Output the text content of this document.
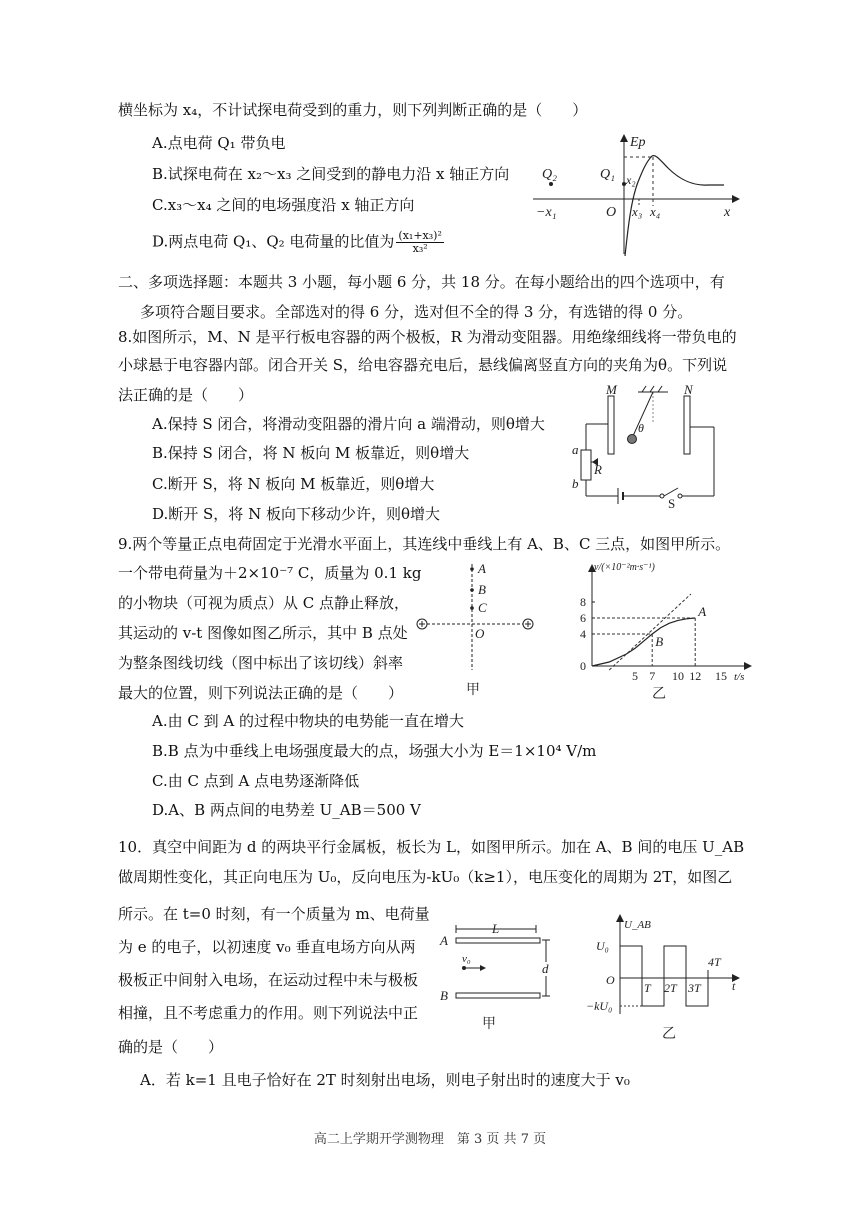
横坐标为 x₄，不计试探电荷受到的重力，则下列判断正确的是（　　）
A.点电荷 Q₁ 带负电
B.试探电荷在 x₂～x₃ 之间受到的静电力沿 x 轴正方向
C.x₃～x₄ 之间的电场强度沿 x 轴正方向
D.两点电荷 Q₁、Q₂ 电荷量的比值为 $\frac{\text{(x₁+x₃)²}}{\text{x₃²}}$
Ep
x
Q₂	Q₁
O
−x₁
x₂
x₃ x₄
二、多项选择题：本题共 3 小题，每小题 6 分，共 18 分。在每小题给出的四个选项中，有
多项符合题目要求。全部选对的得 6 分，选对但不全的得 3 分，有选错的得 0 分。
8.如图所示，M、N 是平行板电容器的两个极板，R 为滑动变阻器。用绝缘细线将一带负电的
小球悬于电容器内部。闭合开关 S，给电容器充电后，悬线偏离竖直方向的夹角为θ。下列说
法正确的是（　　）
A.保持 S 闭合，将滑动变阻器的滑片向 a 端滑动，则θ增大
B.保持 S 闭合，将 N 板向 M 板靠近，则θ增大
C.断开 S，将 N 板向 M 板靠近，则θ增大
D.断开 S，将 N 板向下移动少许，则θ增大
M	N
θ
a
b
R
S
9.两个等量正点电荷固定于光滑水平面上，其连线中垂线上有 A、B、C 三点，如图甲所示。
一个带电荷量为＋2×10⁻⁷ C，质量为 0.1 kg
的小物块（可视为质点）从 C 点静止释放，
其运动的 v-t 图像如图乙所示，其中 B 点处
为整条图线切线（图中标出了该切线）斜率
最大的位置，则下列说法正确的是（　　）
A.由 C 到 A 的过程中物块的电势能一直在增大
B.B 点为中垂线上电场强度最大的点，场强大小为 E＝1×10⁴ V/m
C.由 C 点到 A 点电势逐渐降低
D.A、B 两点间的电势差 U_AB＝500 V
A
B
C
O
甲
A
B
5 7 10 12 15
4
6
8
0
v/(×10⁻²m·s⁻¹)
t/s
乙
10．真空中间距为 d 的两块平行金属板，板长为 L，如图甲所示。加在 A、B 间的电压 U_AB
做周期性变化，其正向电压为 U₀，反向电压为-kU₀（k≥1），电压变化的周期为 2T，如图乙
所示。在 t=0 时刻，有一个质量为 m、电荷量
为 e 的电子，以初速度 v₀ 垂直电场方向从两
极板正中间射入电场，在运动过程中未与极板
相撞，且不考虑重力的作用。则下列说法中正
确的是（　　）
A．若 k=1 且电子恰好在 2T 时刻射出电场，则电子射出时的速度大于 v₀
A
B
L
d
v₀
甲
U_AB
U₀
O	t
−kU₀
T 2T 3T
4T
乙
高二上学期开学测物理　第 3 页 共 7 页
